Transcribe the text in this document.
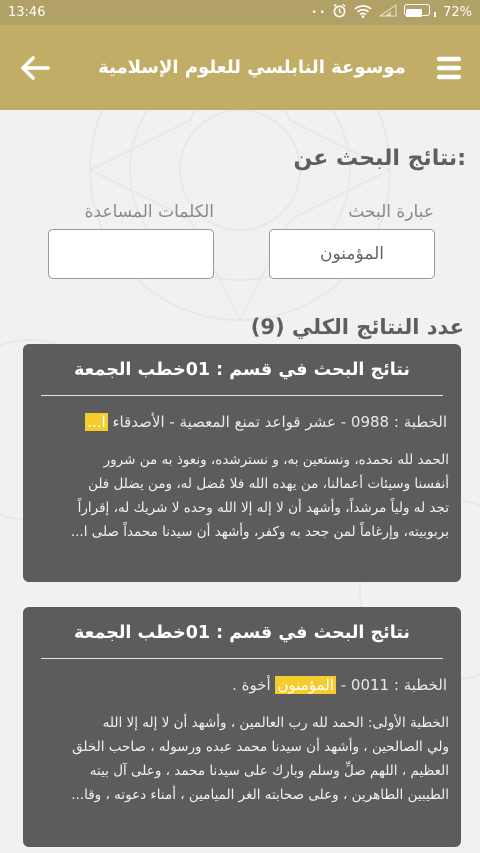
13:46	• •
	72%
موسوعة النابلسي للعلوم الإسلامية
:نتائج البحث عن
عبارة البحث
الكلمات المساعدة
المؤمنون
عدد النتائج الكلي (9)
نتائج البحث في قسم : 01خطب الجمعة
الخطبة : 0988 - عشر قواعد تمنع المعصية - الأصدقاء ا...
الحمد لله نحمده، ونستعين به، و نسترشده، ونعوذ به من شرور
أنفسنا وسيئات أعمالنا، من يهده الله فلا مُضل له، ومن يضلل فلن
تجد له ولياً مرشداً، وأشهد أن لا إله إلا الله وحده لا شريك له، إقراراً
بربوبيته، وإرغاماً لمن جحد به وكفر، وأشهد أن سيدنا محمداً صلى ا...
نتائج البحث في قسم : 01خطب الجمعة
الخطبة : 0011 - المؤمنون أخوة .
الخطبة الأولى: الحمد لله رب العالمين ، وأشهد أن لا إله إلا الله
ولي الصالحين ، وأشهد أن سيدنا محمد عبده ورسوله ، صاحب الخلق
العظيم ، اللهم صلِّ وسلم وبارك على سيدنا محمد ، وعلى آل بيته
الطيبين الطاهرين ، وعلى صحابته الغر الميامين ، أمناء دعوته ، وقا...
